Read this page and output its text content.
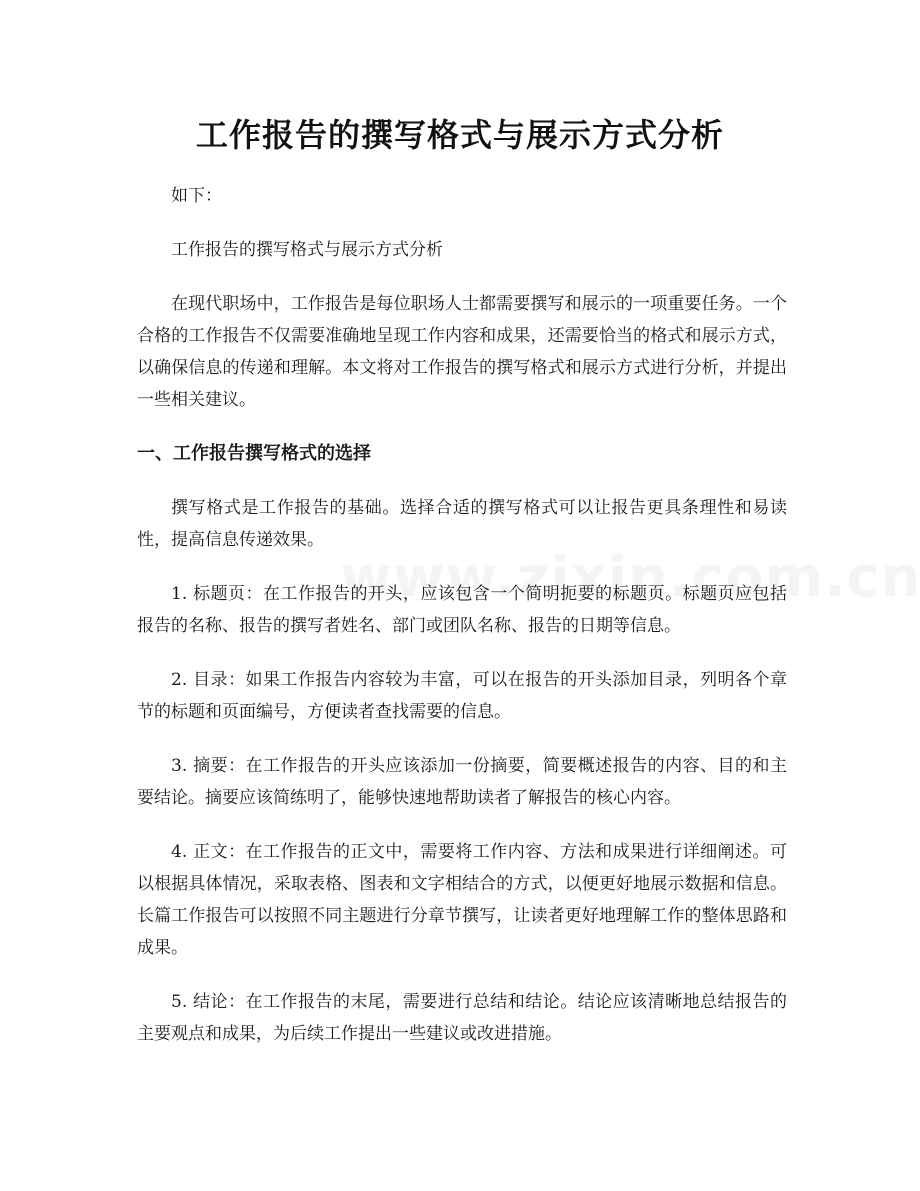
工作报告的撰写格式与展示方式分析

如下：

工作报告的撰写格式与展示方式分析

在现代职场中，工作报告是每位职场人士都需要撰写和展示的一项重要任务。一个合格的工作报告不仅需要准确地呈现工作内容和成果，还需要恰当的格式和展示方式，以确保信息的传递和理解。本文将对工作报告的撰写格式和展示方式进行分析，并提出一些相关建议。

一、工作报告撰写格式的选择

撰写格式是工作报告的基础。选择合适的撰写格式可以让报告更具条理性和易读性，提高信息传递效果。

1. 标题页：在工作报告的开头，应该包含一个简明扼要的标题页。标题页应包括报告的名称、报告的撰写者姓名、部门或团队名称、报告的日期等信息。

2. 目录：如果工作报告内容较为丰富，可以在报告的开头添加目录，列明各个章节的标题和页面编号，方便读者查找需要的信息。

3. 摘要：在工作报告的开头应该添加一份摘要，简要概述报告的内容、目的和主要结论。摘要应该简练明了，能够快速地帮助读者了解报告的核心内容。

4. 正文：在工作报告的正文中，需要将工作内容、方法和成果进行详细阐述。可以根据具体情况，采取表格、图表和文字相结合的方式，以便更好地展示数据和信息。长篇工作报告可以按照不同主题进行分章节撰写，让读者更好地理解工作的整体思路和成果。

5. 结论：在工作报告的末尾，需要进行总结和结论。结论应该清晰地总结报告的主要观点和成果，为后续工作提出一些建议或改进措施。
